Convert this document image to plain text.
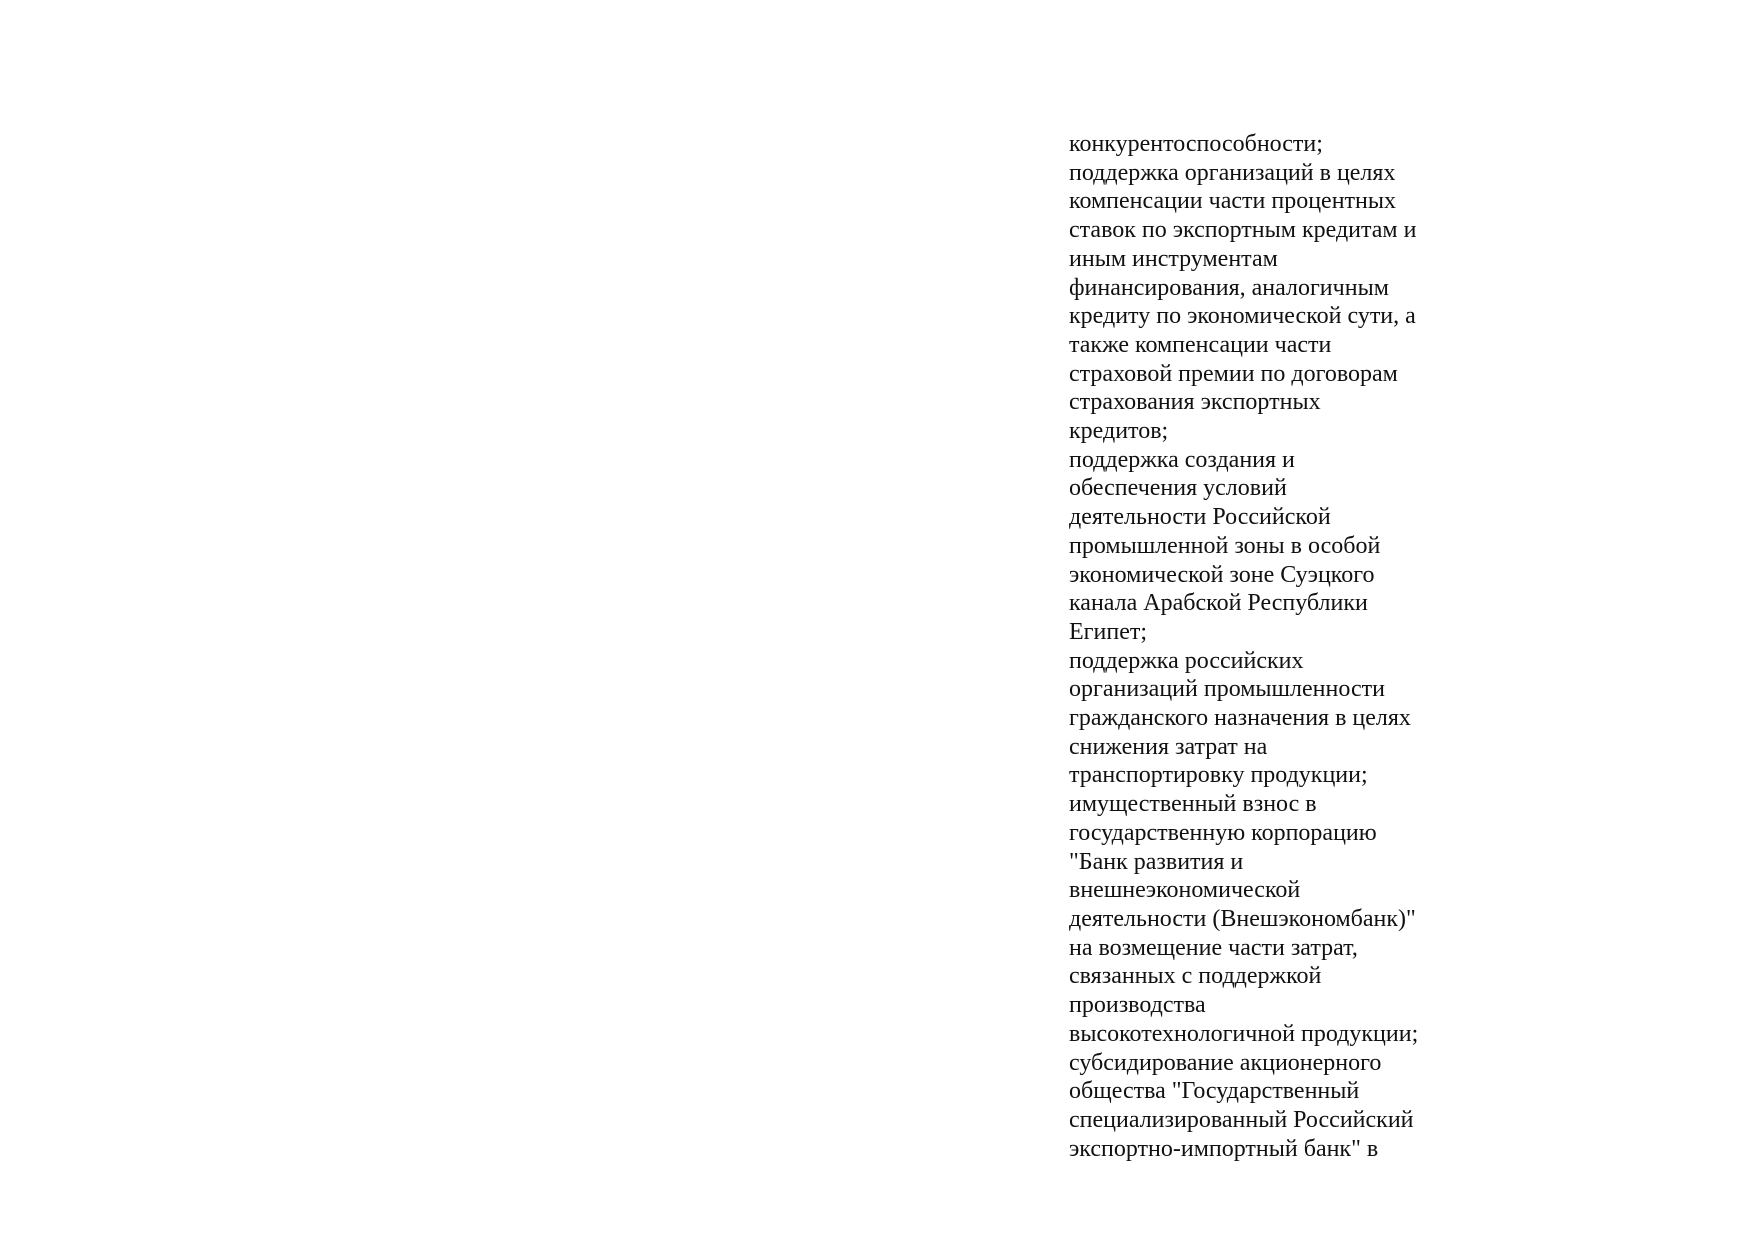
конкурентоспособности;
поддержка организаций в целях
компенсации части процентных
ставок по экспортным кредитам и
иным инструментам
финансирования, аналогичным
кредиту по экономической сути, а
также компенсации части
страховой премии по договорам
страхования экспортных
кредитов;
поддержка создания и
обеспечения условий
деятельности Российской
промышленной зоны в особой
экономической зоне Суэцкого
канала Арабской Республики
Египет;
поддержка российских
организаций промышленности
гражданского назначения в целях
снижения затрат на
транспортировку продукции;
имущественный взнос в
государственную корпорацию
"Банк развития и
внешнеэкономической
деятельности (Внешэкономбанк)"
на возмещение части затрат,
связанных с поддержкой
производства
высокотехнологичной продукции;
субсидирование акционерного
общества "Государственный
специализированный Российский
экспортно-импортный банк" в
